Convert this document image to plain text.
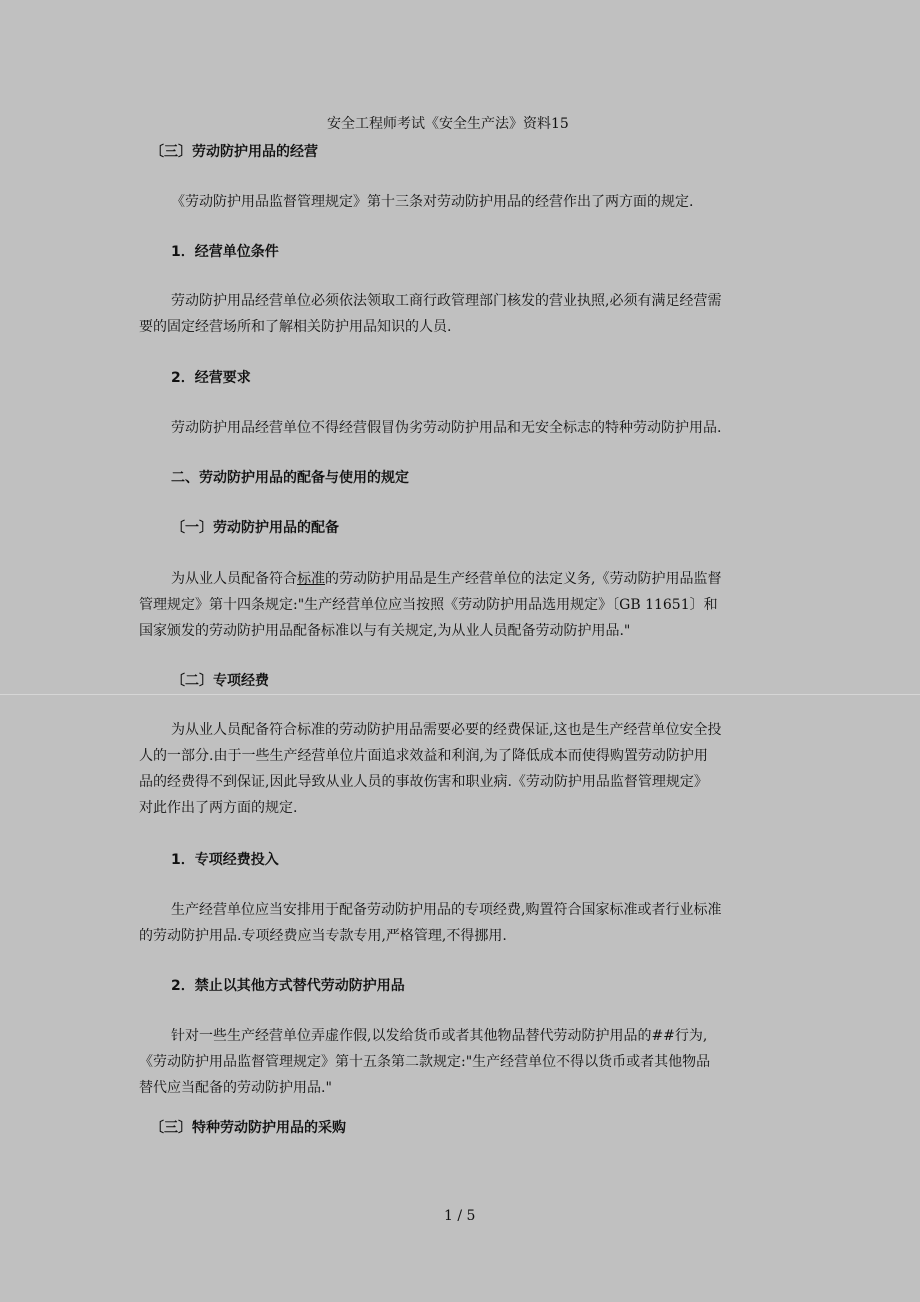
安全工程师考试《安全生产法》资料15
〔三〕劳动防护用品的经营
《劳动防护用品监督管理规定》第十三条对劳动防护用品的经营作出了两方面的规定.
1．经营单位条件
劳动防护用品经营单位必须依法领取工商行政管理部门核发的营业执照,必须有满足经营需
要的固定经营场所和了解相关防护用品知识的人员.
2．经营要求
劳动防护用品经营单位不得经营假冒伪劣劳动防护用品和无安全标志的特种劳动防护用品.
二、劳动防护用品的配备与使用的规定
〔一〕劳动防护用品的配备
为从业人员配备符合标准的劳动防护用品是生产经营单位的法定义务,《劳动防护用品监督
管理规定》第十四条规定:"生产经营单位应当按照《劳动防护用品选用规定》〔GB 11651〕和
国家颁发的劳动防护用品配备标准以与有关规定,为从业人员配备劳动防护用品."
〔二〕专项经费
为从业人员配备符合标准的劳动防护用品需要必要的经费保证,这也是生产经营单位安全投
人的一部分.由于一些生产经营单位片面追求效益和利润,为了降低成本而使得购置劳动防护用
品的经费得不到保证,因此导致从业人员的事故伤害和职业病.《劳动防护用品监督管理规定》
对此作出了两方面的规定.
1．专项经费投入
生产经营单位应当安排用于配备劳动防护用品的专项经费,购置符合国家标准或者行业标准
的劳动防护用品.专项经费应当专款专用,严格管理,不得挪用.
2．禁止以其他方式替代劳动防护用品
针对一些生产经营单位弄虚作假,以发给货币或者其他物品替代劳动防护用品的##行为,
《劳动防护用品监督管理规定》第十五条第二款规定:"生产经营单位不得以货币或者其他物品
替代应当配备的劳动防护用品."
〔三〕特种劳动防护用品的采购
1 / 5
